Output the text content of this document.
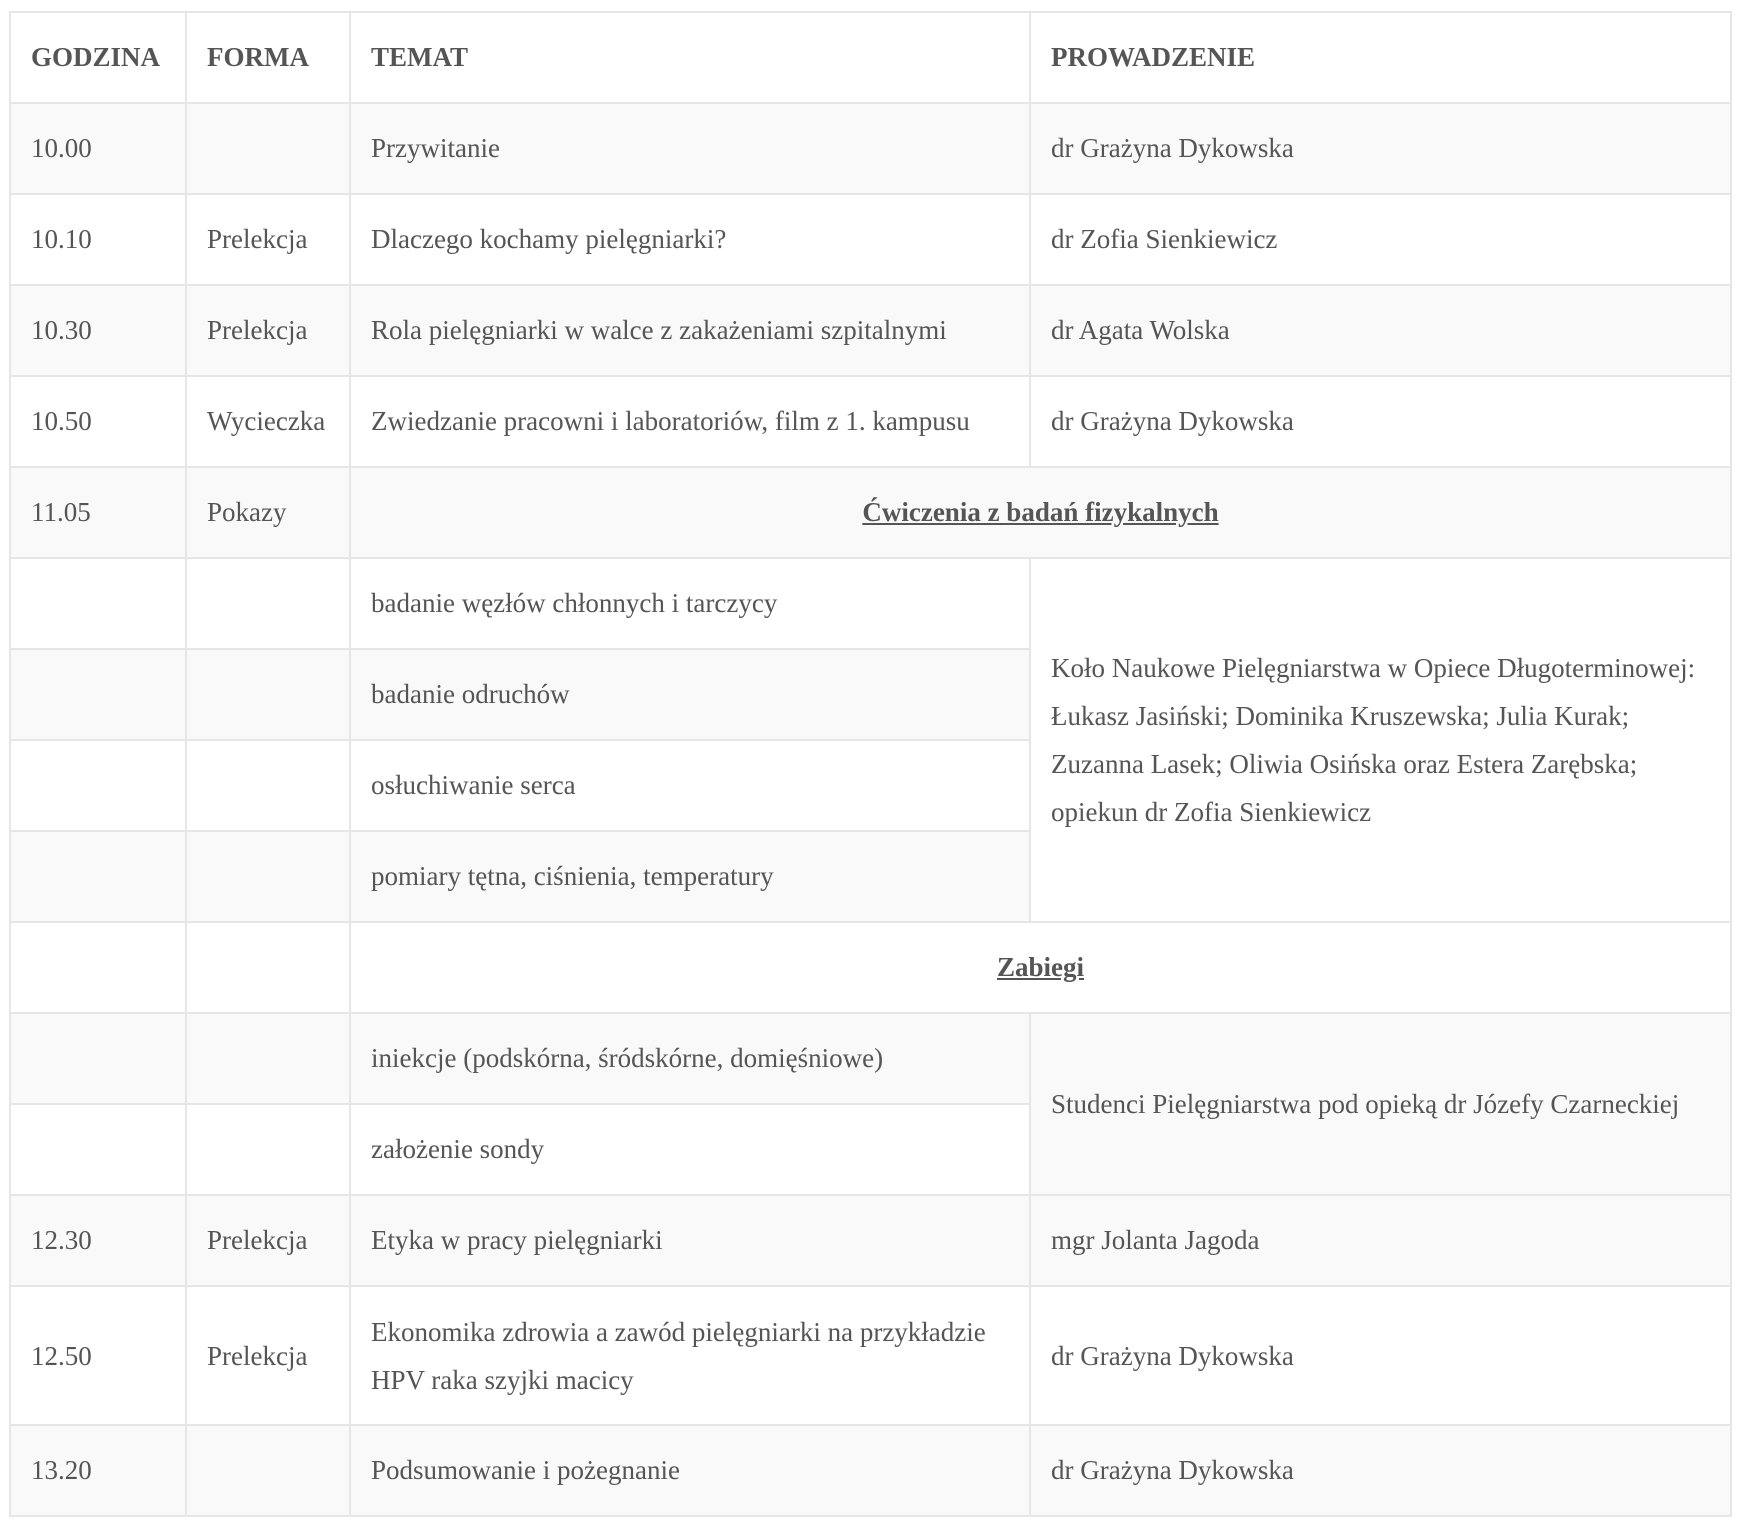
GODZINA	FORMA	TEMAT	PROWADZENIE
10.00		Przywitanie	dr Grażyna Dykowska
10.10	Prelekcja	Dlaczego kochamy pielęgniarki?	dr Zofia Sienkiewicz
10.30	Prelekcja	Rola pielęgniarki w walce z zakażeniami szpitalnymi	dr Agata Wolska
10.50	Wycieczka	Zwiedzanie pracowni i laboratoriów, film z 1. kampusu	dr Grażyna Dykowska
11.05	Pokazy	Ćwiczenia z badań fizykalnych	
		badanie węzłów chłonnych i tarczycy	Koło Naukowe Pielęgniarstwa w Opiece Długoterminowej: Łukasz Jasiński; Dominika Kruszewska; Julia Kurak; Zuzanna Lasek; Oliwia Osińska oraz Estera Zarębska; opiekun dr Zofia Sienkiewicz
		badanie odruchów	
		osłuchiwanie serca	
		pomiary tętna, ciśnienia, temperatury	
		Zabiegi	
		iniekcje (podskórna, śródskórne, domięśniowe)	Studenci Pielęgniarstwa pod opieką dr Józefy Czarneckiej
		założenie sondy	
12.30	Prelekcja	Etyka w pracy pielęgniarki	mgr Jolanta Jagoda
12.50	Prelekcja	Ekonomika zdrowia a zawód pielęgniarki na przykładzie HPV raka szyjki macicy	dr Grażyna Dykowska
13.20		Podsumowanie i pożegnanie	dr Grażyna Dykowska
